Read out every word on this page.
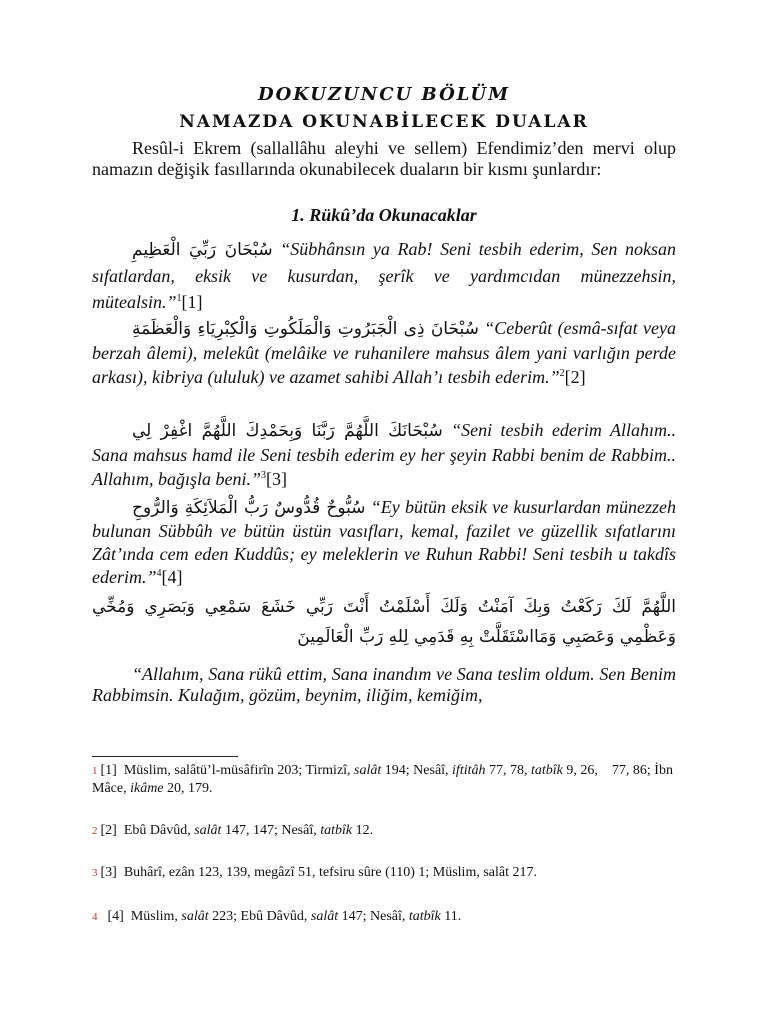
DOKUZUNCU BÖLÜM
NAMAZDA OKUNABİLECEK DUALAR

Resûl-i Ekrem (sallallâhu aleyhi ve sellem) Efendimiz’den mervi olup namazın değişik fasıllarında okunabilecek duaların bir kısmı şunlardır:

1. Rükû’da Okunacaklar

سُبْحَانَ رَبِّيَ الْعَظِيمِ “Sübhânsın ya Rab! Seni tesbih ederim, Sen noksan sıfatlardan, eksik ve kusurdan, şerîk ve yardımcıdan münezzehsin, mütealsin.”$^1$[1]

سُبْحَانَ ذِى الْجَبَرُوتِ وَالْمَلَكُوتِ وَالْكِبْرِيَاءِ وَالْعَظَمَةِ “Ceberût (esmâ-sıfat veya berzah âlemi), melekût (melâike ve ruhanilere mahsus âlem yani varlığın perde arkası), kibriya (ululuk) ve azamet sahibi Allah’ı tesbih ederim.”$^2$[2]

سُبْحَانَكَ اللَّهُمَّ رَبَّنَا وَبِحَمْدِكَ اللَّهُمَّ اغْفِرْ لِي “Seni tesbih ederim Allahım.. Sana mahsus hamd ile Seni tesbih ederim ey her şeyin Rabbi benim de Rabbim.. Allahım, bağışla beni.”$^3$[3]

سُبُّوحٌ قُدُّوسٌ رَبُّ الْمَلاَئِكَةِ وَالرُّوحِ “Ey bütün eksik ve kusurlardan münezzeh bulunan Sübbûh ve bütün üstün vasıfları, kemal, fazilet ve güzellik sıfatlarını Zât’ında cem eden Kuddûs; ey meleklerin ve Ruhun Rabbi! Seni tesbih u takdîs ederim.”$^4$[4]

اللَّهُمَّ لَكَ رَكَعْتُ وَبِكَ آمَنْتُ وَلَكَ أَسْلَمْتُ أَنْتَ رَبِّي خَشَعَ سَمْعِي وَبَصَرِي وَمُخِّي وَعَظْمِي وَعَصَبِي وَمَااسْتَقَلَّتْ بِهِ قَدَمِي لِلهِ رَبِّ الْعَالَمِينَ

“Allahım, Sana rükû ettim, Sana inandım ve Sana teslim oldum. Sen Benim Rabbimsin. Kulağım, gözüm, beynim, iliğim, kemiğim,

1 [1]  Müslim, salâtü’l-müsâfirîn 203; Tirmizî, salât 194; Nesâî, iftitâh 77, 78, tatbîk 9, 26,    77, 86; İbn Mâce, ikâme 20, 179.
2 [2]  Ebû Dâvûd, salât 147, 147; Nesâî, tatbîk 12.
3 [3]  Buhârî, ezân 123, 139, megâzî 51, tefsiru sûre (110) 1; Müslim, salât 217.
4  [4]  Müslim, salât 223; Ebû Dâvûd, salât 147; Nesâî, tatbîk 11.
